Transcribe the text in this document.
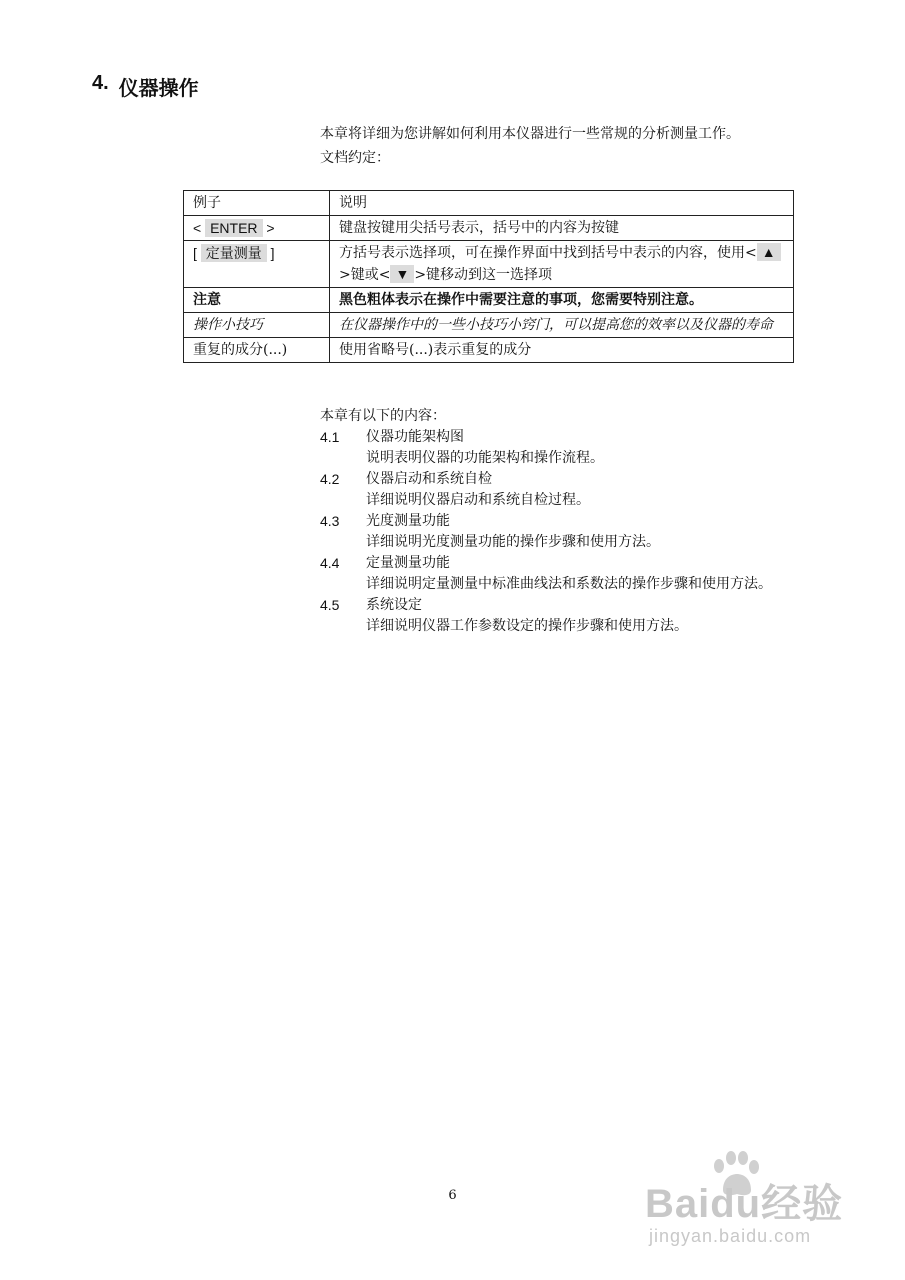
4. 仪器操作
本章将详细为您讲解如何利用本仪器进行一些常规的分析测量工作。
文档约定：
例子	说明
< ENTER >	键盘按键用尖括号表示，括号中的内容为按键
[ 定量测量 ]	方括号表示选择项，可在操作界面中找到括号中表示的内容，使用< ▲>键或< ▼ >键移动到这一选择项
注意	黑色粗体表示在操作中需要注意的事项，您需要特别注意。
操作小技巧	在仪器操作中的一些小技巧小窍门，可以提高您的效率以及仪器的寿命
重复的成分(...)	使用省略号(...)表示重复的成分
本章有以下的内容：
4.1	仪器功能架构图
说明表明仪器的功能架构和操作流程。
4.2	仪器启动和系统自检
详细说明仪器启动和系统自检过程。
4.3	光度测量功能
详细说明光度测量功能的操作步骤和使用方法。
4.4	定量测量功能
详细说明定量测量中标准曲线法和系数法的操作步骤和使用方法。
4.5	系统设定
详细说明仪器工作参数设定的操作步骤和使用方法。
6	Baidu经验
jingyan.baidu.com
